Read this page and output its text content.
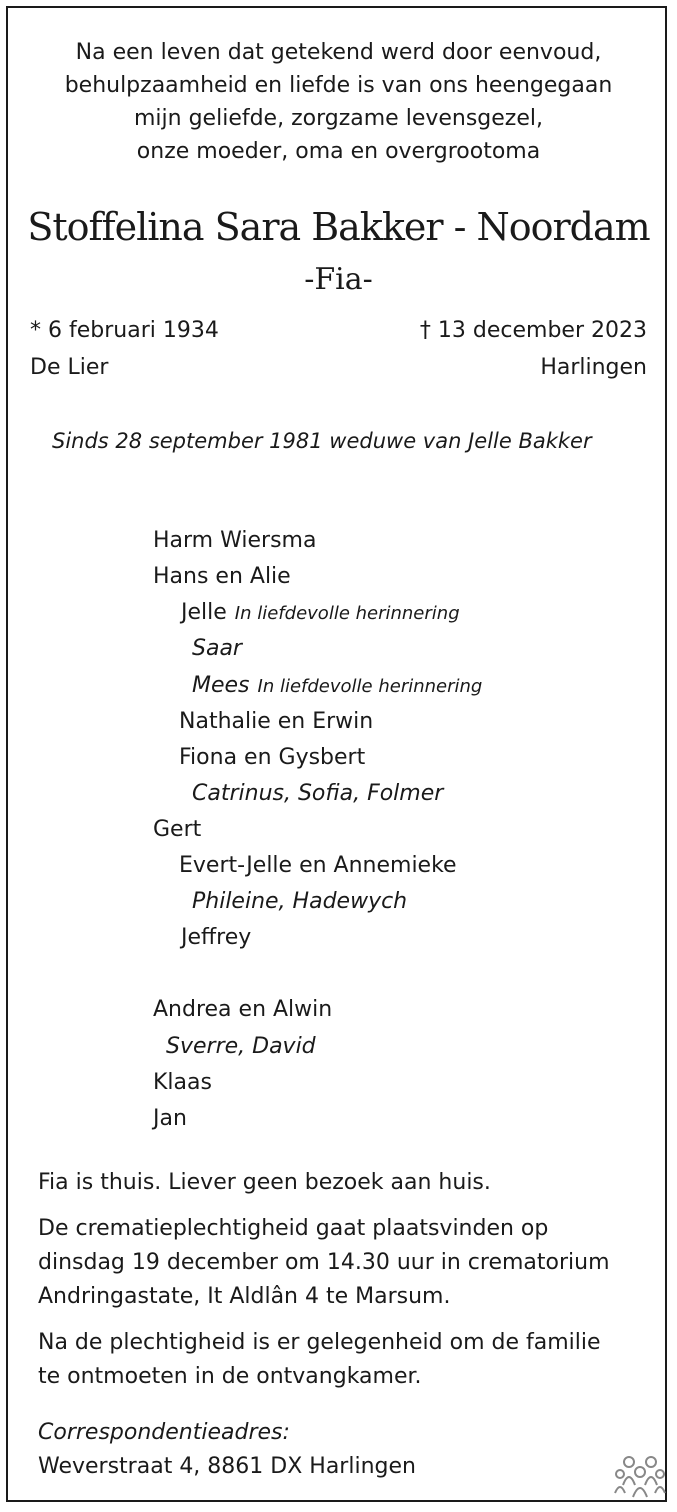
Na een leven dat getekend werd door eenvoud,
behulpzaamheid en liefde is van ons heengegaan
mijn geliefde, zorgzame levensgezel,
onze moeder, oma en overgrootoma
Stoffelina Sara Bakker - Noordam
-Fia-
* 6 februari 1934
De Lier
† 13 december 2023
Harlingen
Sinds 28 september 1981 weduwe van Jelle Bakker
Harm Wiersma
Hans en Alie
Jelle In liefdevolle herinnering
Saar
Mees In liefdevolle herinnering
Nathalie en Erwin
Fiona en Gysbert
Catrinus, Sofia, Folmer
Gert
Evert-Jelle en Annemieke
Phileine, Hadewych
Jeffrey
Andrea en Alwin
Sverre, David
Klaas
Jan
Fia is thuis. Liever geen bezoek aan huis.
De crematieplechtigheid gaat plaatsvinden op
dinsdag 19 december om 14.30 uur in crematorium
Andringastate, It Aldlân 4 te Marsum.
Na de plechtigheid is er gelegenheid om de familie
te ontmoeten in de ontvangkamer.
Correspondentieadres:
Weverstraat 4, 8861 DX Harlingen
